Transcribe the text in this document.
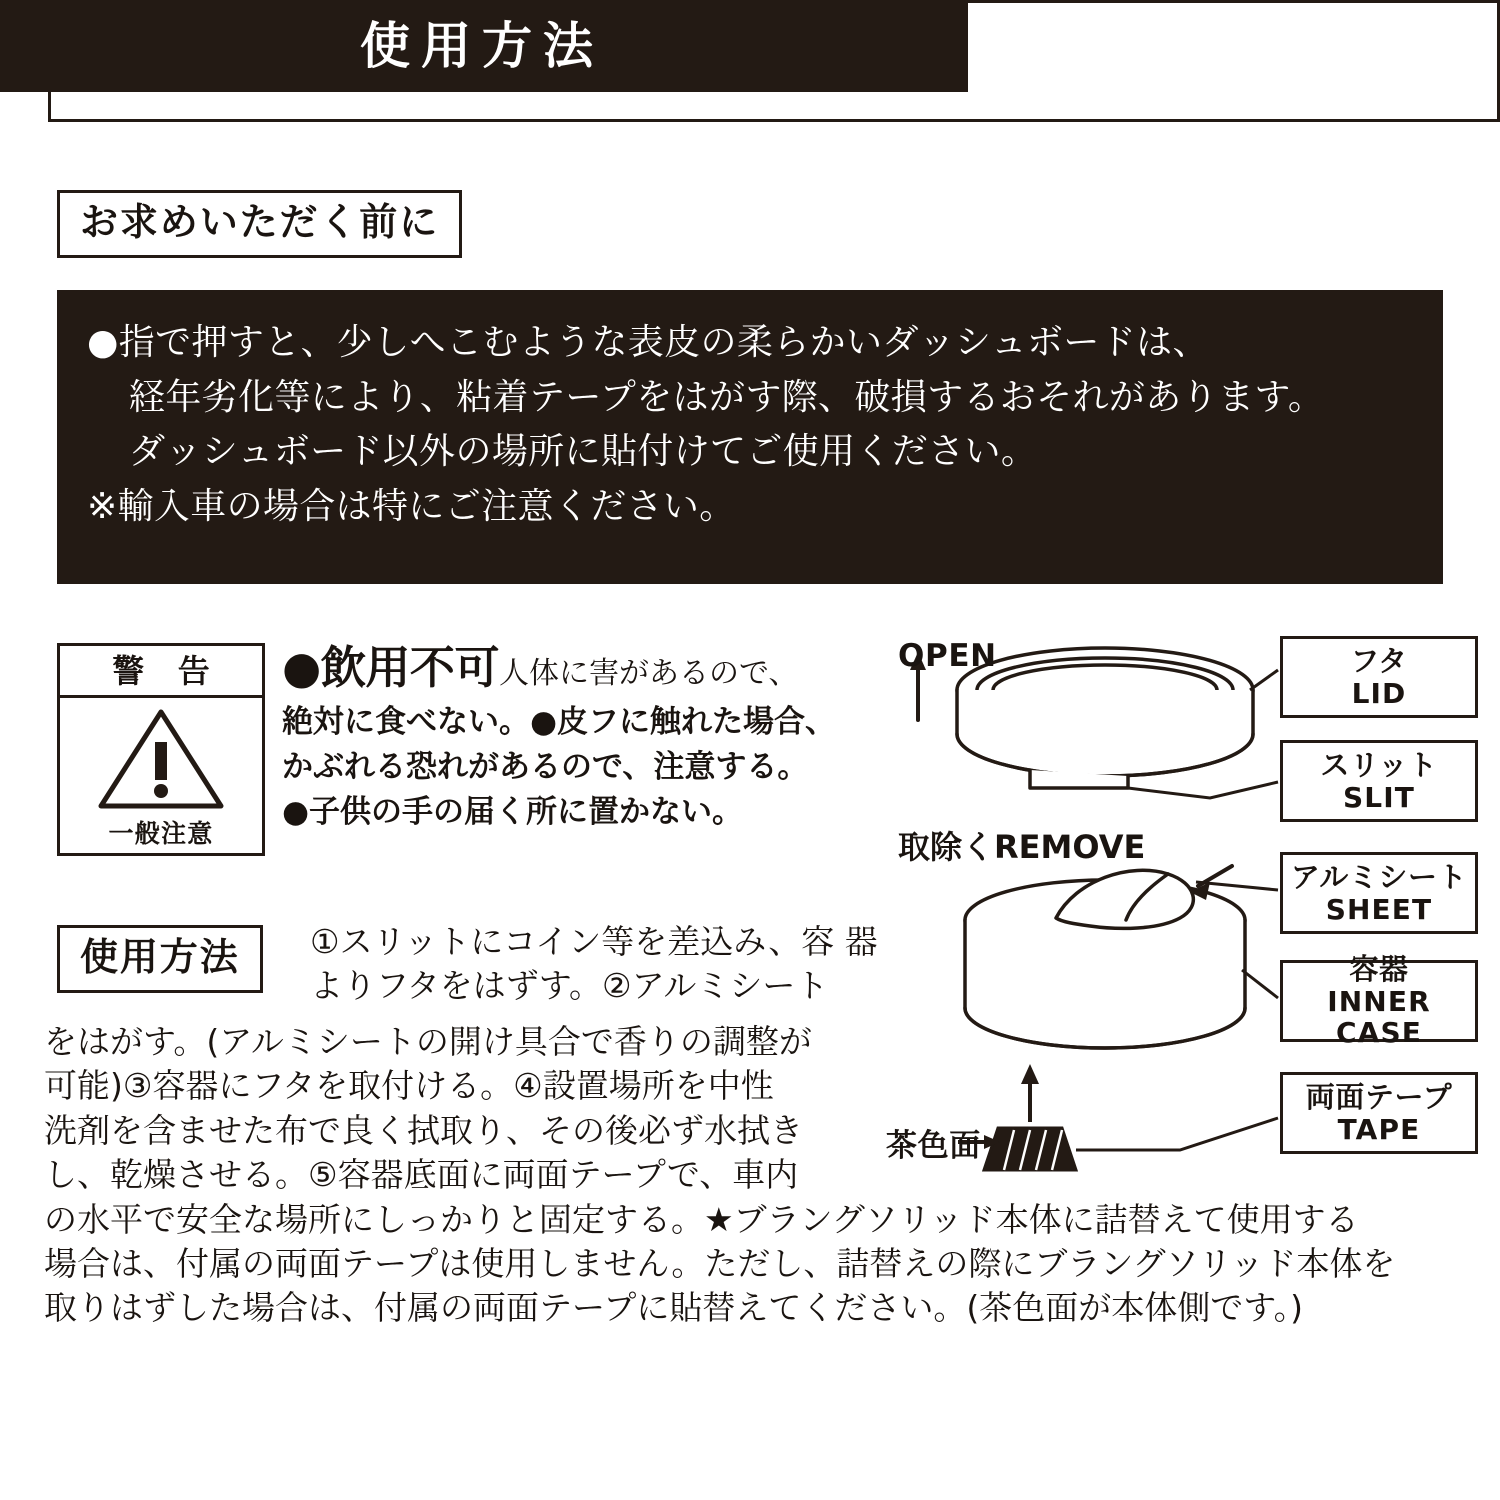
使用方法
お求めいただく前に

●指で押すと、少しへこむような表皮の柔らかいダッシュボードは、

経年劣化等により、粘着テープをはがす際、破損するおそれがあります。

ダッシュボード以外の場所に貼付けてご使用ください。

※輸入車の場合は特にご注意ください。

警 告
一般注意
●飲用不可人体に害があるので、
絶対に食べない。●皮フに触れた場合、
かぶれる恐れがあるので、注意する。
●子供の手の届く所に置かない。
使用方法	①スリットにコイン等を差込み、容 器よりフタをはずす。②アルミシート
をはがす。(アルミシートの開け具合で香りの調整が
可能)③容器にフタを取付ける。④設置場所を中性
洗剤を含ませた布で良く拭取り、その後必ず水拭き
し、乾燥させる。⑤容器底面に両面テープで、車内
の水平で安全な場所にしっかりと固定する。★ブラングソリッド本体に詰替えて使用する
場合は、付属の両面テープは使用しません。ただし、詰替えの際にブラングソリッド本体を
取りはずした場合は、付属の両面テープに貼替えてください。(茶色面が本体側です。)
OPEN
取除くREMOVE
茶色面
フタ
LID
スリット
SLIT
アルミシート
SHEET
容器
INNER CASE
両面テープ
TAPE
